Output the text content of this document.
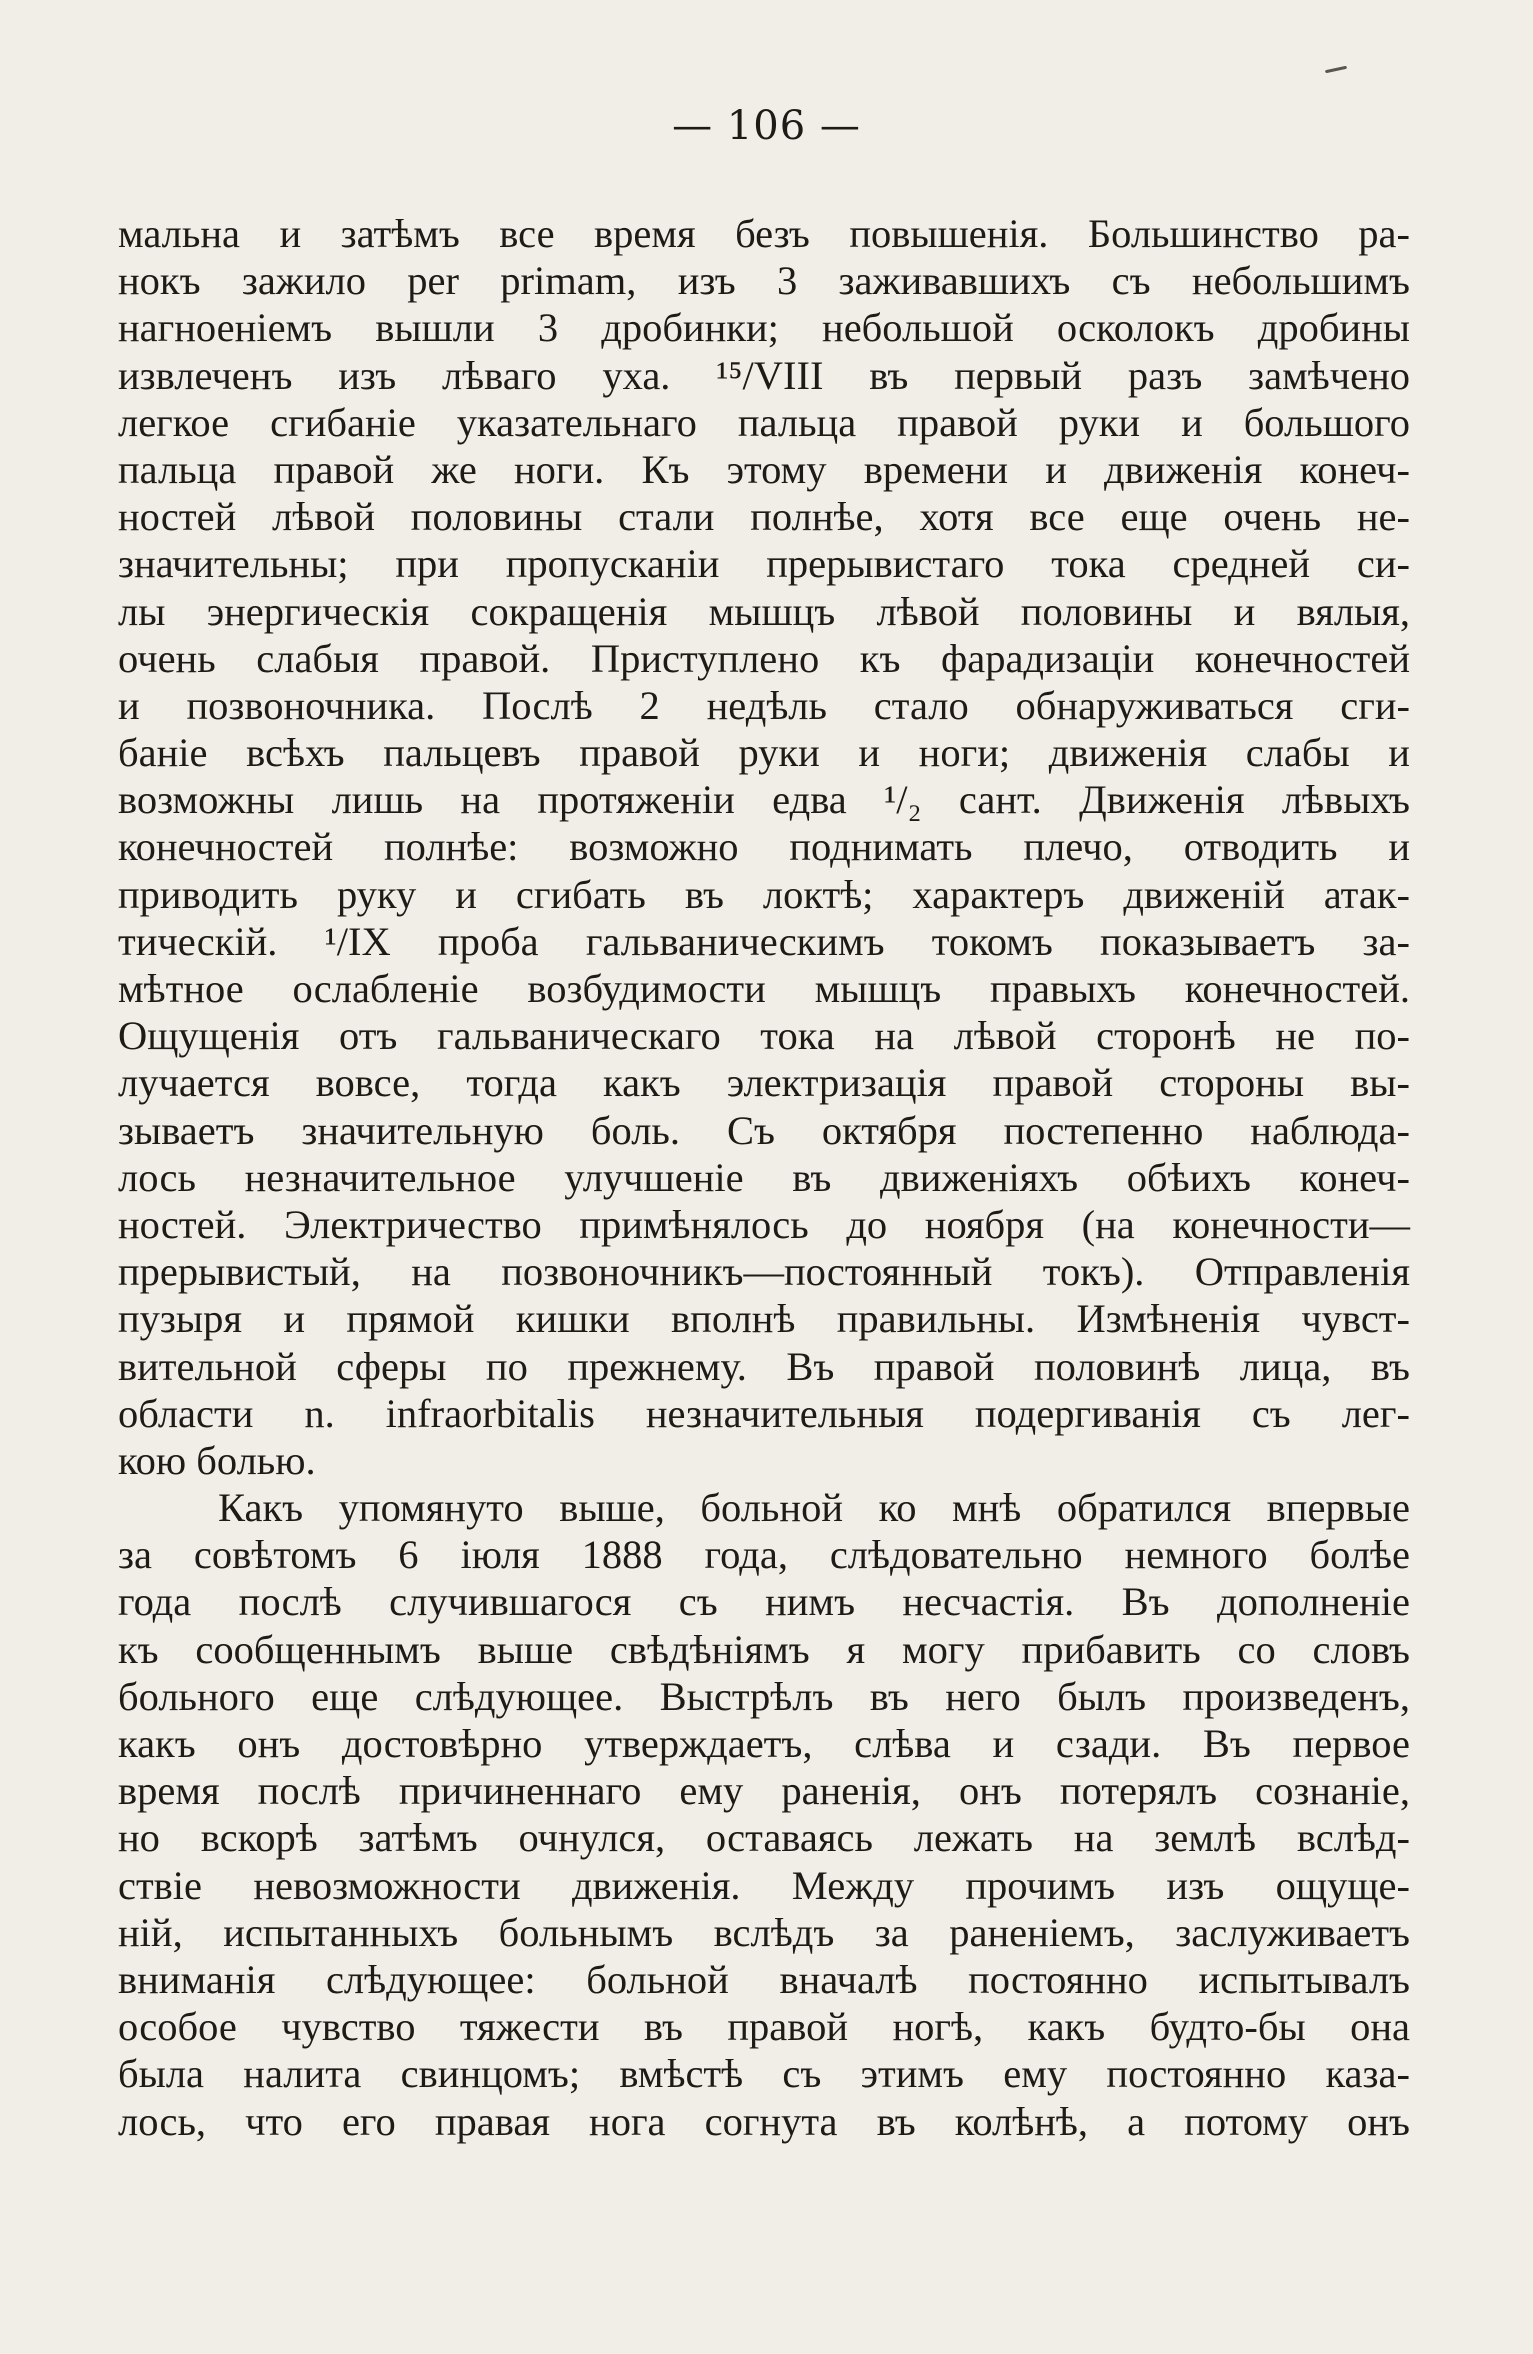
— 106 —
мальна и затѣмъ все время безъ повышенія. Большинство ра-
нокъ зажило per primam, изъ 3 заживавшихъ съ небольшимъ
нагноеніемъ вышли 3 дробинки; небольшой осколокъ дробины
извлеченъ изъ лѣваго уха. ¹⁵/VIII въ первый разъ замѣчено
легкое сгибаніе указательнаго пальца правой руки и большого
пальца правой же ноги. Къ этому времени и движенія конеч-
ностей лѣвой половины стали полнѣе, хотя все еще очень не-
значительны; при пропусканіи прерывистаго тока средней си-
лы энергическія сокращенія мышцъ лѣвой половины и вялыя,
очень слабыя правой. Приступлено къ фарадизаціи конечностей
и позвоночника. Послѣ 2 недѣль стало обнаруживаться сги-
баніе всѣхъ пальцевъ правой руки и ноги; движенія слабы и
возможны лишь на протяженіи едва ¹/₂ сант. Движенія лѣвыхъ
конечностей полнѣе: возможно поднимать плечо, отводить и
приводить руку и сгибать въ локтѣ; характеръ движеній атак-
тическій. ¹/IX проба гальваническимъ токомъ показываетъ за-
мѣтное ослабленіе возбудимости мышцъ правыхъ конечностей.
Ощущенія отъ гальваническаго тока на лѣвой сторонѣ не по-
лучается вовсе, тогда какъ электризація правой стороны вы-
зываетъ значительную боль. Съ октября постепенно наблюда-
лось незначительное улучшеніе въ движеніяхъ обѣихъ конеч-
ностей. Электричество примѣнялось до ноября (на конечности—
прерывистый, на позвоночникъ—постоянный токъ). Отправленія
пузыря и прямой кишки вполнѣ правильны. Измѣненія чувст-
вительной сферы по прежнему. Въ правой половинѣ лица, въ
области n. infraorbitalis незначительныя подергиванія съ лег-
кою болью.
Какъ упомянуто выше, больной ко мнѣ обратился впервые
за совѣтомъ 6 іюля 1888 года, слѣдовательно немного болѣе
года послѣ случившагося съ нимъ несчастія. Въ дополненіе
къ сообщеннымъ выше свѣдѣніямъ я могу прибавить со словъ
больного еще слѣдующее. Выстрѣлъ въ него былъ произведенъ,
какъ онъ достовѣрно утверждаетъ, слѣва и сзади. Въ первое
время послѣ причиненнаго ему раненія, онъ потерялъ сознаніе,
но вскорѣ затѣмъ очнулся, оставаясь лежать на землѣ вслѣд-
ствіе невозможности движенія. Между прочимъ изъ ощуще-
ній, испытанныхъ больнымъ вслѣдъ за раненіемъ, заслуживаетъ
вниманія слѣдующее: больной вначалѣ постоянно испытывалъ
особое чувство тяжести въ правой ногѣ, какъ будто-бы она
была налита свинцомъ; вмѣстѣ съ этимъ ему постоянно каза-
лось, что его правая нога согнута въ колѣнѣ, а потому онъ
